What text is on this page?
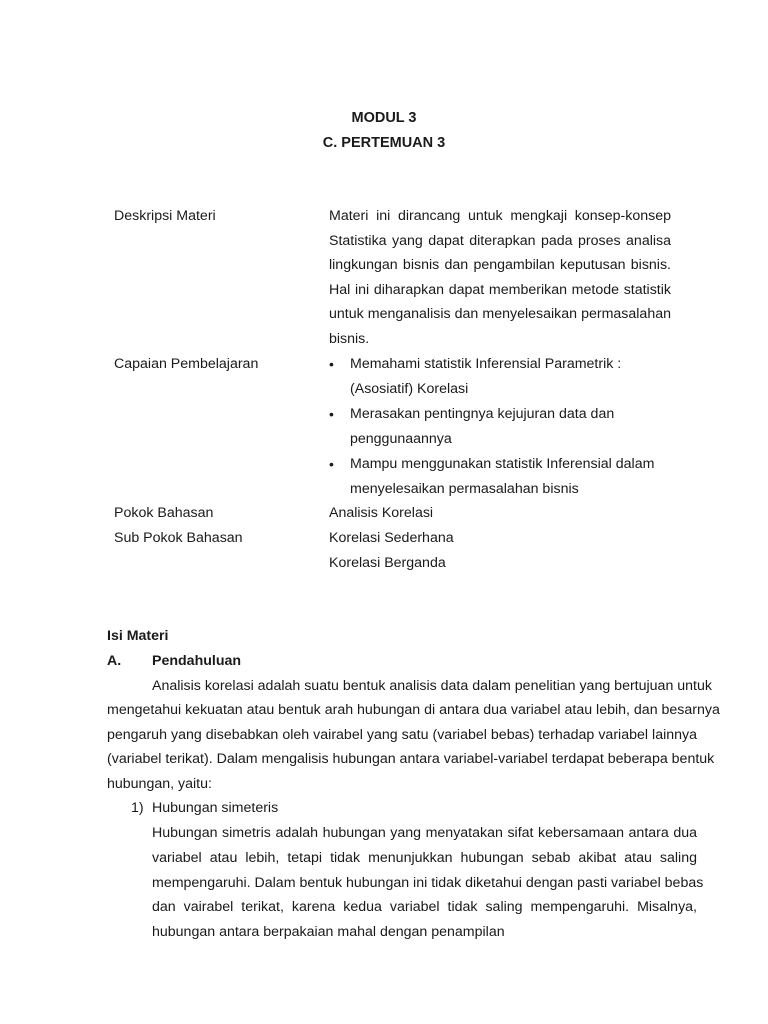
MODUL 3
C. PERTEMUAN 3
Deskripsi Materi	Materi ini dirancang untuk mengkaji konsep-konsep
Statistika yang dapat diterapkan pada proses analisa
lingkungan bisnis dan pengambilan keputusan bisnis.
Hal ini diharapkan dapat memberikan metode statistik
untuk menganalisis dan menyelesaikan permasalahan
bisnis.
Capaian Pembelajaran	• Memahami statistik Inferensial Parametrik :
(Asosiatif) Korelasi
• Merasakan pentingnya kejujuran data dan
penggunaannya
• Mampu menggunakan statistik Inferensial dalam
menyelesaikan permasalahan bisnis
Pokok Bahasan	Analisis Korelasi
Sub Pokok Bahasan	Korelasi Sederhana
Korelasi Berganda
Isi Materi
A. Pendahuluan
Analisis korelasi adalah suatu bentuk analisis data dalam penelitian yang bertujuan untuk
mengetahui kekuatan atau bentuk arah hubungan di antara dua variabel atau lebih, dan besarnya
pengaruh yang disebabkan oleh vairabel yang satu (variabel bebas) terhadap variabel lainnya
(variabel terikat). Dalam mengalisis hubungan antara variabel-variabel terdapat beberapa bentuk
hubungan, yaitu:
1) Hubungan simeteris
Hubungan simetris adalah hubungan yang menyatakan sifat kebersamaan antara dua
variabel atau lebih, tetapi tidak menunjukkan hubungan sebab akibat atau saling
mempengaruhi. Dalam bentuk hubungan ini tidak diketahui dengan pasti variabel bebas
dan vairabel terikat, karena kedua variabel tidak saling mempengaruhi. Misalnya,
hubungan antara berpakaian mahal dengan penampilan
